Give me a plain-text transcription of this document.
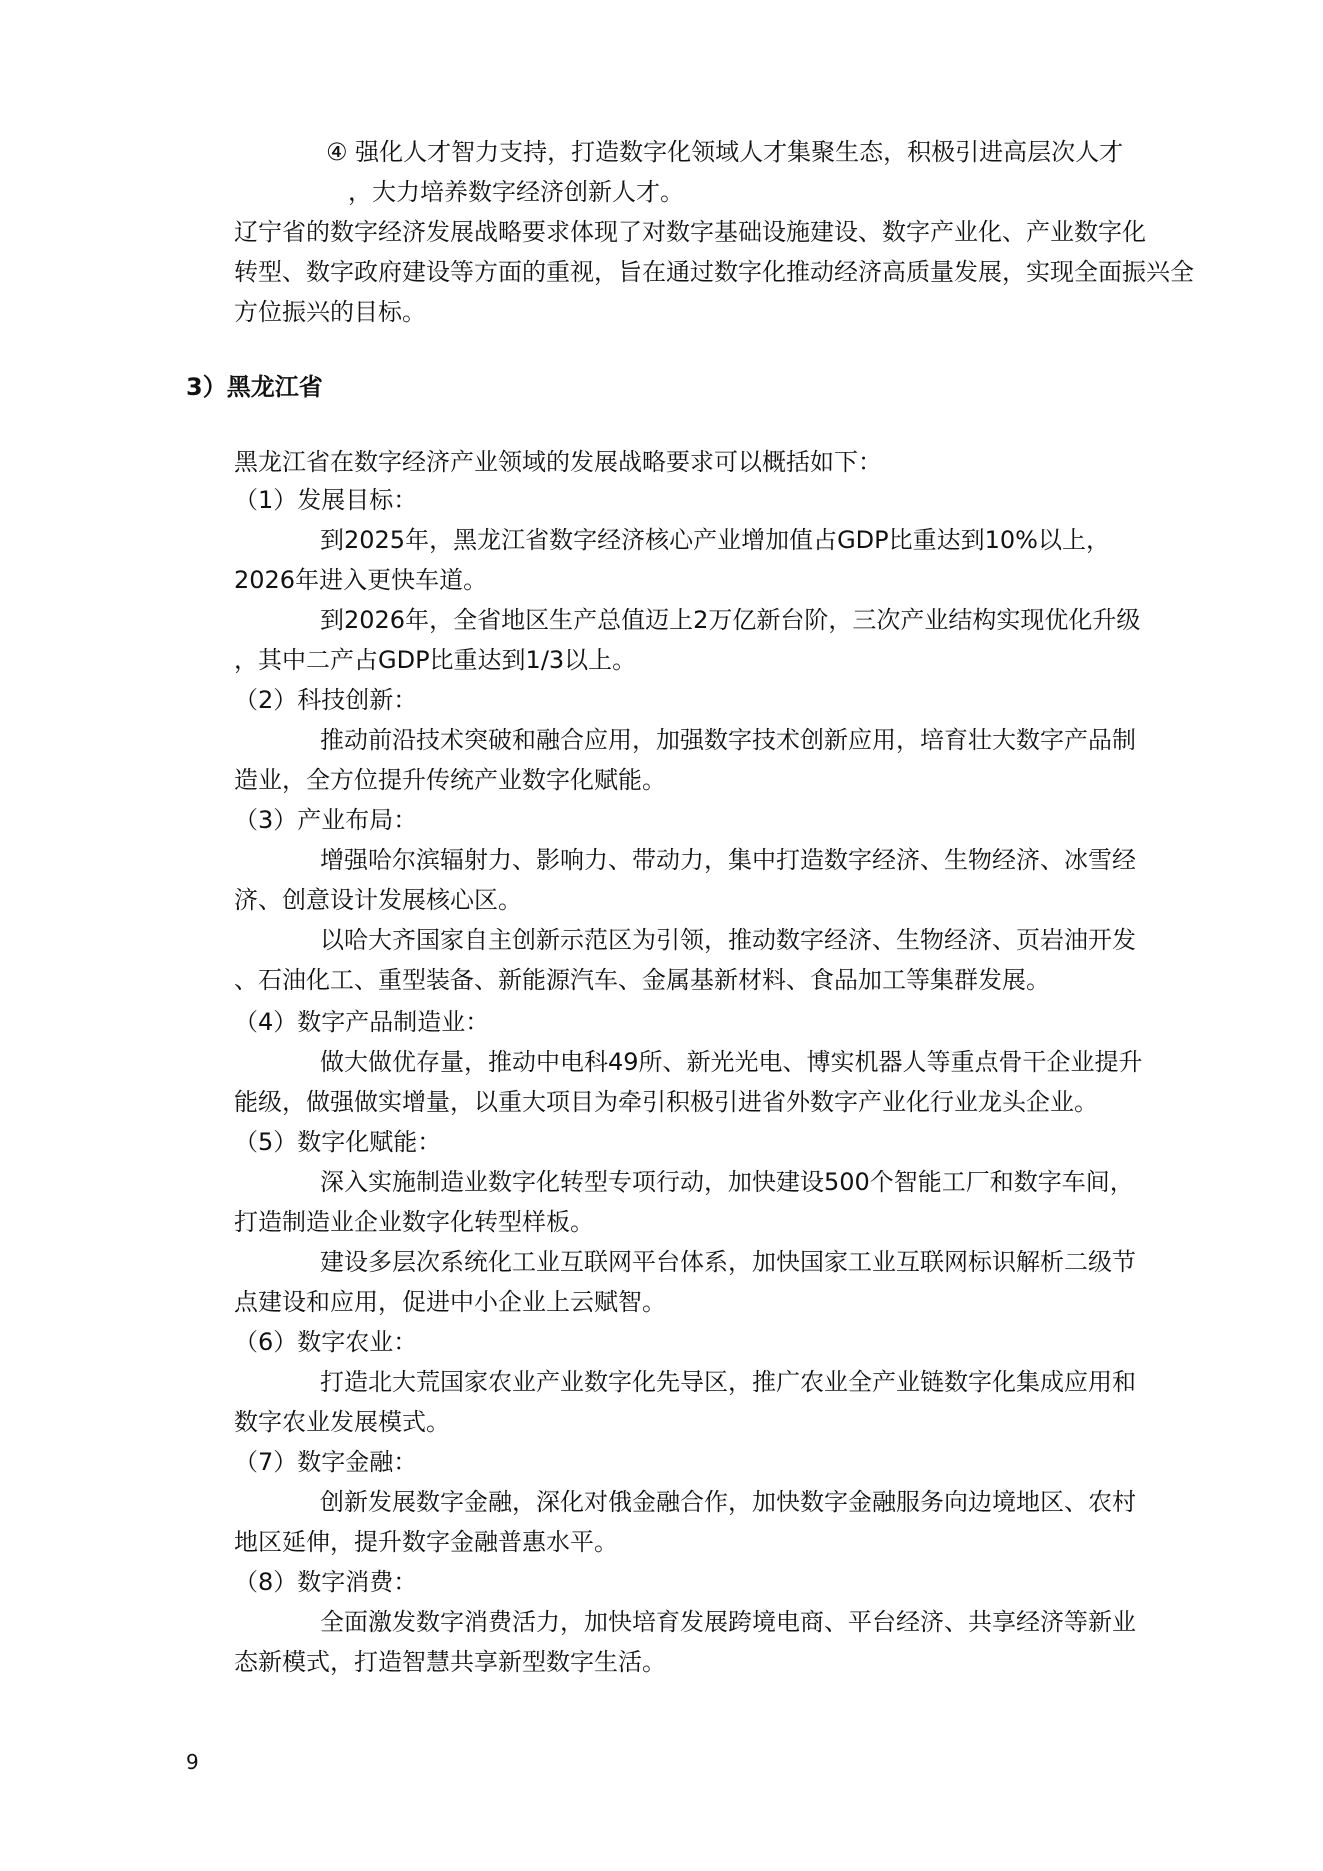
④ 强化人才智力支持，打造数字化领域人才集聚生态，积极引进高层次人才
，大力培养数字经济创新人才。
辽宁省的数字经济发展战略要求体现了对数字基础设施建设、数字产业化、产业数字化
转型、数字政府建设等方面的重视，旨在通过数字化推动经济高质量发展，实现全面振兴全
方位振兴的目标。
3）黑龙江省
黑龙江省在数字经济产业领域的发展战略要求可以概括如下：
（1）发展目标：
到2025年，黑龙江省数字经济核心产业增加值占GDP比重达到10%以上，
2026年进入更快车道。
到2026年，全省地区生产总值迈上2万亿新台阶，三次产业结构实现优化升级
，其中二产占GDP比重达到1/3以上。
（2）科技创新：
推动前沿技术突破和融合应用，加强数字技术创新应用，培育壮大数字产品制
造业，全方位提升传统产业数字化赋能。
（3）产业布局：
增强哈尔滨辐射力、影响力、带动力，集中打造数字经济、生物经济、冰雪经
济、创意设计发展核心区。
以哈大齐国家自主创新示范区为引领，推动数字经济、生物经济、页岩油开发
、石油化工、重型装备、新能源汽车、金属基新材料、食品加工等集群发展。
（4）数字产品制造业：
做大做优存量，推动中电科49所、新光光电、博实机器人等重点骨干企业提升
能级，做强做实增量，以重大项目为牵引积极引进省外数字产业化行业龙头企业。
（5）数字化赋能：
深入实施制造业数字化转型专项行动，加快建设500个智能工厂和数字车间，
打造制造业企业数字化转型样板。
建设多层次系统化工业互联网平台体系，加快国家工业互联网标识解析二级节
点建设和应用，促进中小企业上云赋智。
（6）数字农业：
打造北大荒国家农业产业数字化先导区，推广农业全产业链数字化集成应用和
数字农业发展模式。
（7）数字金融：
创新发展数字金融，深化对俄金融合作，加快数字金融服务向边境地区、农村
地区延伸，提升数字金融普惠水平。
（8）数字消费：
全面激发数字消费活力，加快培育发展跨境电商、平台经济、共享经济等新业
态新模式，打造智慧共享新型数字生活。
9
